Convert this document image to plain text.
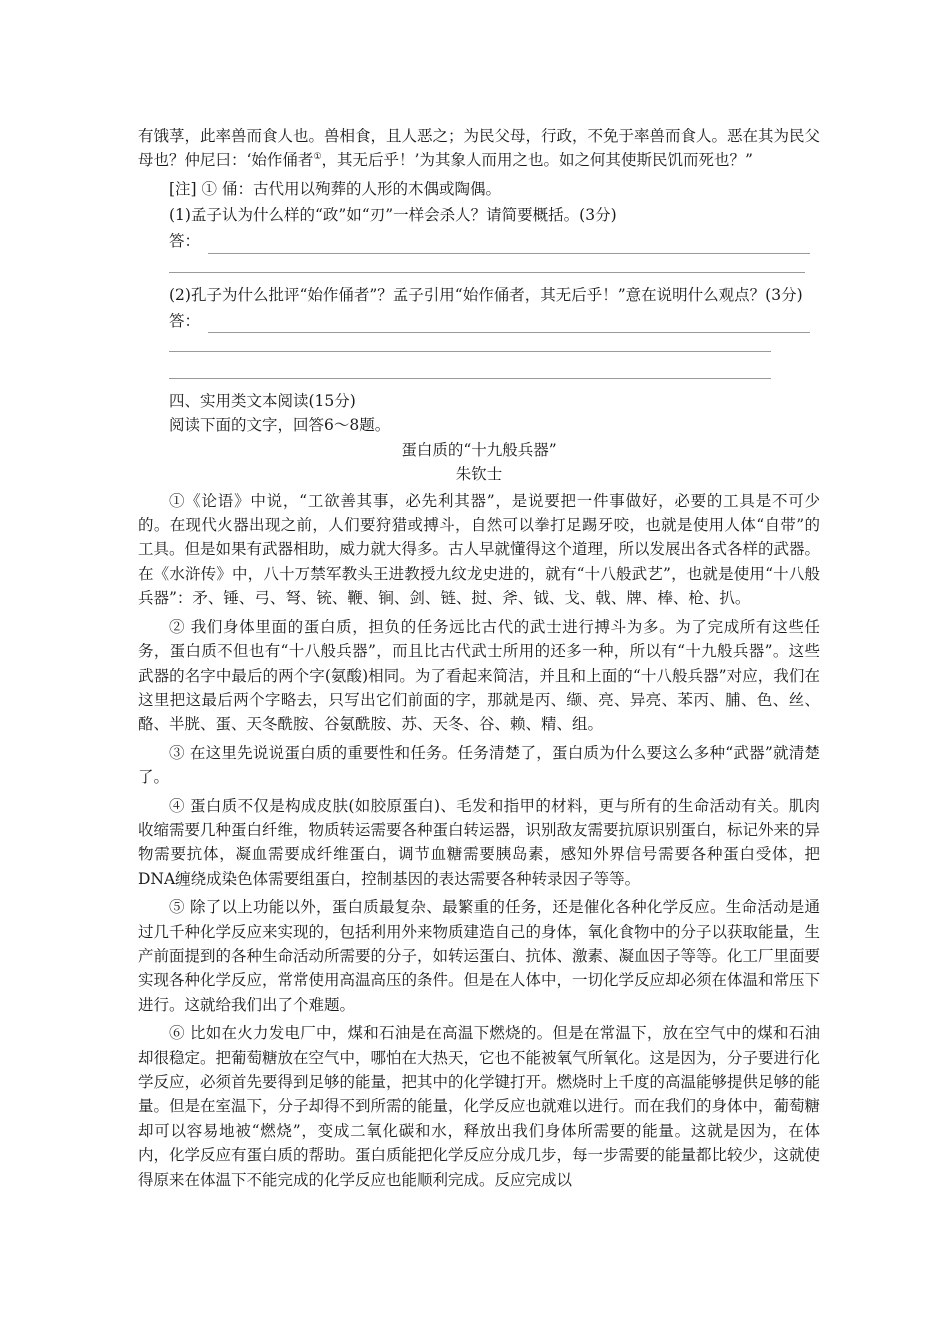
有饿莩，此率兽而食人也。兽相食，且人恶之；为民父母，行政，不免于率兽而食人。恶在其为民父母也？仲尼曰：‘始作俑者①，其无后乎！’为其象人而用之也。如之何其使斯民饥而死也？”

[注] ① 俑：古代用以殉葬的人形的木偶或陶偶。

(1)孟子认为什么样的“政”如“刃”一样会杀人？请简要概括。(3分)

答：

(2)孔子为什么批评“始作俑者”？孟子引用“始作俑者，其无后乎！”意在说明什么观点？(3分)

答：

四、实用类文本阅读(15分)

阅读下面的文字，回答6～8题。

蛋白质的“十九般兵器”

朱钦士

①《论语》中说，“工欲善其事，必先利其器”，是说要把一件事做好，必要的工具是不可少的。在现代火器出现之前，人们要狩猎或搏斗，自然可以拳打足踢牙咬，也就是使用人体“自带”的工具。但是如果有武器相助，威力就大得多。古人早就懂得这个道理，所以发展出各式各样的武器。在《水浒传》中，八十万禁军教头王进教授九纹龙史进的，就有“十八般武艺”，也就是使用“十八般兵器”：矛、锤、弓、弩、铳、鞭、锏、剑、链、挝、斧、钺、戈、戟、牌、棒、枪、扒。

② 我们身体里面的蛋白质，担负的任务远比古代的武士进行搏斗为多。为了完成所有这些任务，蛋白质不但也有“十八般兵器”，而且比古代武士所用的还多一种，所以有“十九般兵器”。这些武器的名字中最后的两个字(氨酸)相同。为了看起来简洁，并且和上面的“十八般兵器”对应，我们在这里把这最后两个字略去，只写出它们前面的字，那就是丙、缬、亮、异亮、苯丙、脯、色、丝、酪、半胱、蛋、天冬酰胺、谷氨酰胺、苏、天冬、谷、赖、精、组。

③ 在这里先说说蛋白质的重要性和任务。任务清楚了，蛋白质为什么要这么多种“武器”就清楚了。

④ 蛋白质不仅是构成皮肤(如胶原蛋白)、毛发和指甲的材料，更与所有的生命活动有关。肌肉收缩需要几种蛋白纤维，物质转运需要各种蛋白转运器，识别敌友需要抗原识别蛋白，标记外来的异物需要抗体，凝血需要成纤维蛋白，调节血糖需要胰岛素，感知外界信号需要各种蛋白受体，把DNA缠绕成染色体需要组蛋白，控制基因的表达需要各种转录因子等等。

⑤ 除了以上功能以外，蛋白质最复杂、最繁重的任务，还是催化各种化学反应。生命活动是通过几千种化学反应来实现的，包括利用外来物质建造自己的身体，氧化食物中的分子以获取能量，生产前面提到的各种生命活动所需要的分子，如转运蛋白、抗体、激素、凝血因子等等。化工厂里面要实现各种化学反应，常常使用高温高压的条件。但是在人体中，一切化学反应却必须在体温和常压下进行。这就给我们出了个难题。

⑥ 比如在火力发电厂中，煤和石油是在高温下燃烧的。但是在常温下，放在空气中的煤和石油却很稳定。把葡萄糖放在空气中，哪怕在大热天，它也不能被氧气所氧化。这是因为，分子要进行化学反应，必须首先要得到足够的能量，把其中的化学键打开。燃烧时上千度的高温能够提供足够的能量。但是在室温下，分子却得不到所需的能量，化学反应也就难以进行。而在我们的身体中，葡萄糖却可以容易地被“燃烧”，变成二氧化碳和水，释放出我们身体所需要的能量。这就是因为，在体内，化学反应有蛋白质的帮助。蛋白质能把化学反应分成几步，每一步需要的能量都比较少，这就使得原来在体温下不能完成的化学反应也能顺利完成。反应完成以
